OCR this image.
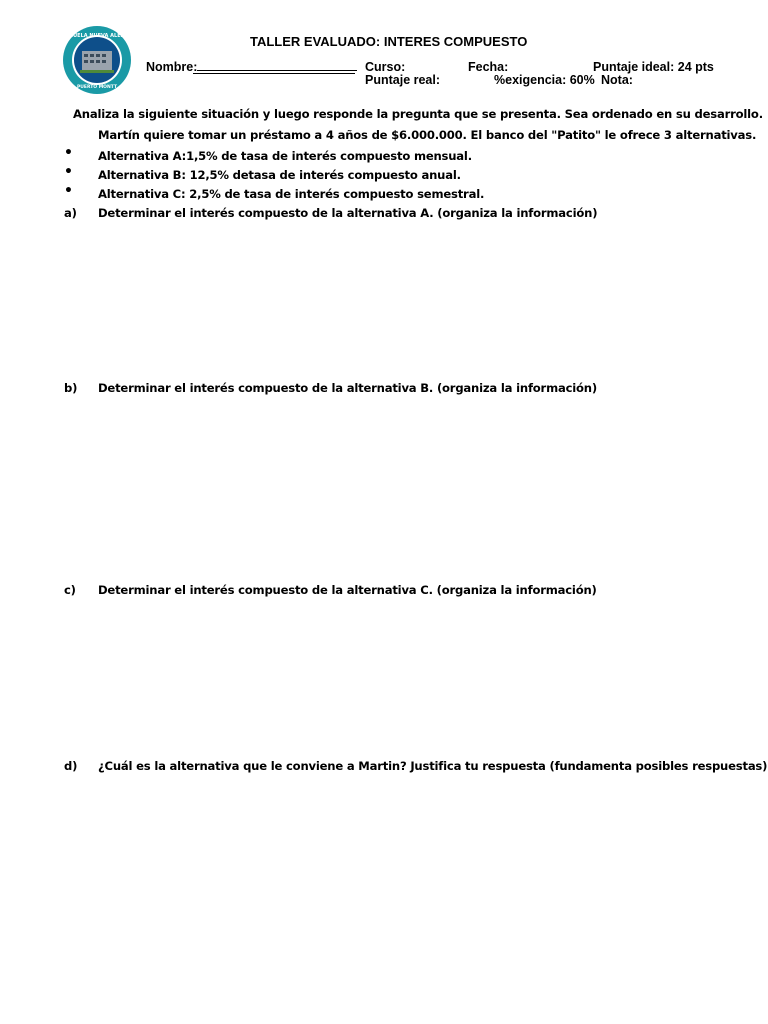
ESCUELA NUEVA ALERCE
PUERTO MONTT
TALLER EVALUADO: INTERES COMPUESTO
Nombre:	Curso:	Fecha:	Puntaje ideal: 24 pts
Puntaje real:	%exigencia: 60% Nota:
Analiza la siguiente situación y luego responde la pregunta que se presenta. Sea ordenado en su desarrollo.
Martín quiere tomar un préstamo a 4 años de $6.000.000. El banco del "Patito" le ofrece 3 alternativas.
• Alternativa A:1,5% de tasa de interés compuesto mensual.
• Alternativa B: 12,5% detasa de interés compuesto anual.
• Alternativa C: 2,5% de tasa de interés compuesto semestral.
a) Determinar el interés compuesto de la alternativa A. (organiza la información)
b) Determinar el interés compuesto de la alternativa B. (organiza la información)
c) Determinar el interés compuesto de la alternativa C. (organiza la información)
d) ¿Cuál es la alternativa que le conviene a Martin? Justifica tu respuesta (fundamenta posibles respuestas)
